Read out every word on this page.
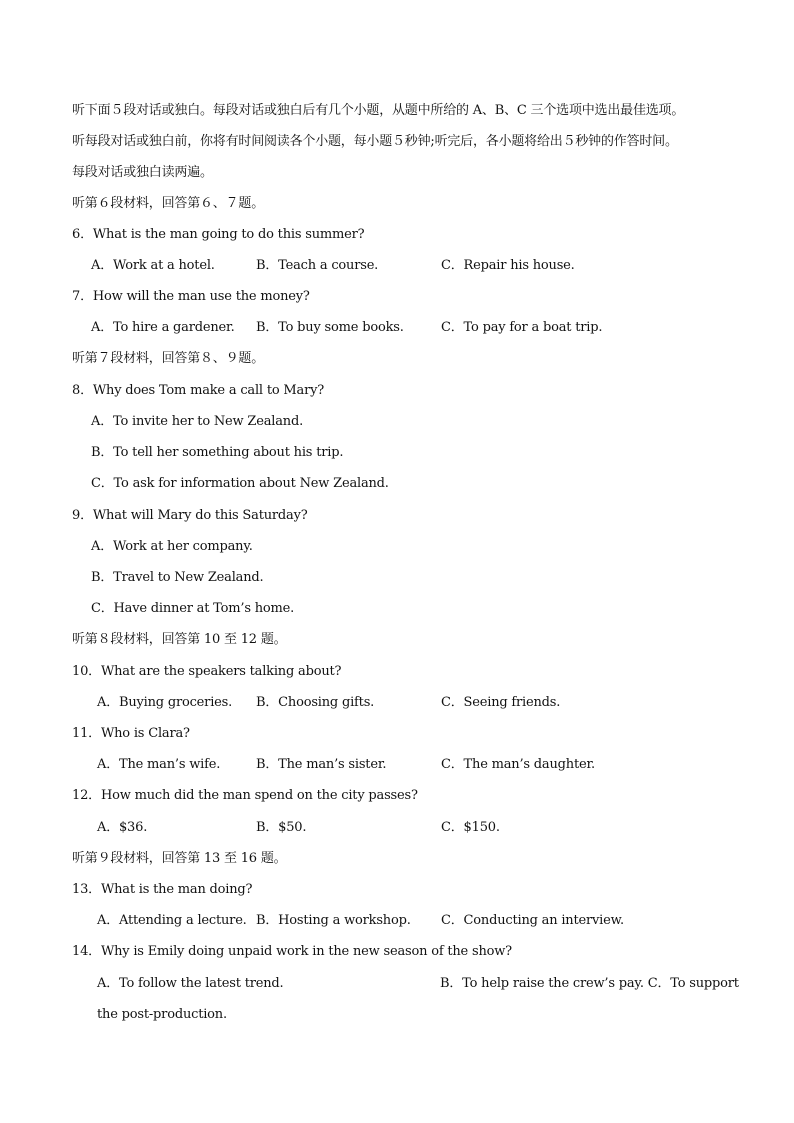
听下面５段对话或独白。每段对话或独白后有几个小题，从题中所给的 A、B、C 三个选项中选出最佳选项。
听每段对话或独白前，你将有时间阅读各个小题，每小题５秒钟;听完后，各小题将给出５秒钟的作答时间。
每段对话或独白读两遍。
听第６段材料，回答第６、７题。
6．What is the man going to do this summer?
A．Work at a hotel.	B．Teach a course.	C．Repair his house.
7．How will the man use the money?
A．To hire a gardener. B．To buy some books.	C．To pay for a boat trip.
听第７段材料，回答第８、９题。
8．Why does Tom make a call to Mary?
A．To invite her to New Zealand.
B．To tell her something about his trip.
C．To ask for information about New Zealand.
9．What will Mary do this Saturday?
A．Work at her company.
B．Travel to New Zealand.
C．Have dinner at Tom’s home.
听第８段材料，回答第 10 至 12 题。
10．What are the speakers talking about?
A．Buying groceries. B．Choosing gifts.	C．Seeing friends.
11．Who is Clara?
A．The man’s wife.	B．The man’s sister.	C．The man’s daughter.
12．How much did the man spend on the city passes?
A．$36.	B．$50.	C．$150.
听第９段材料，回答第 13 至 16 题。
13．What is the man doing?
A．Attending a lecture. B．Hosting a workshop. C．Conducting an interview.
14．Why is Emily doing unpaid work in the new season of the show?
A．To follow the latest trend.	B．To help raise the crew’s pay. C．To support
the post-production.
